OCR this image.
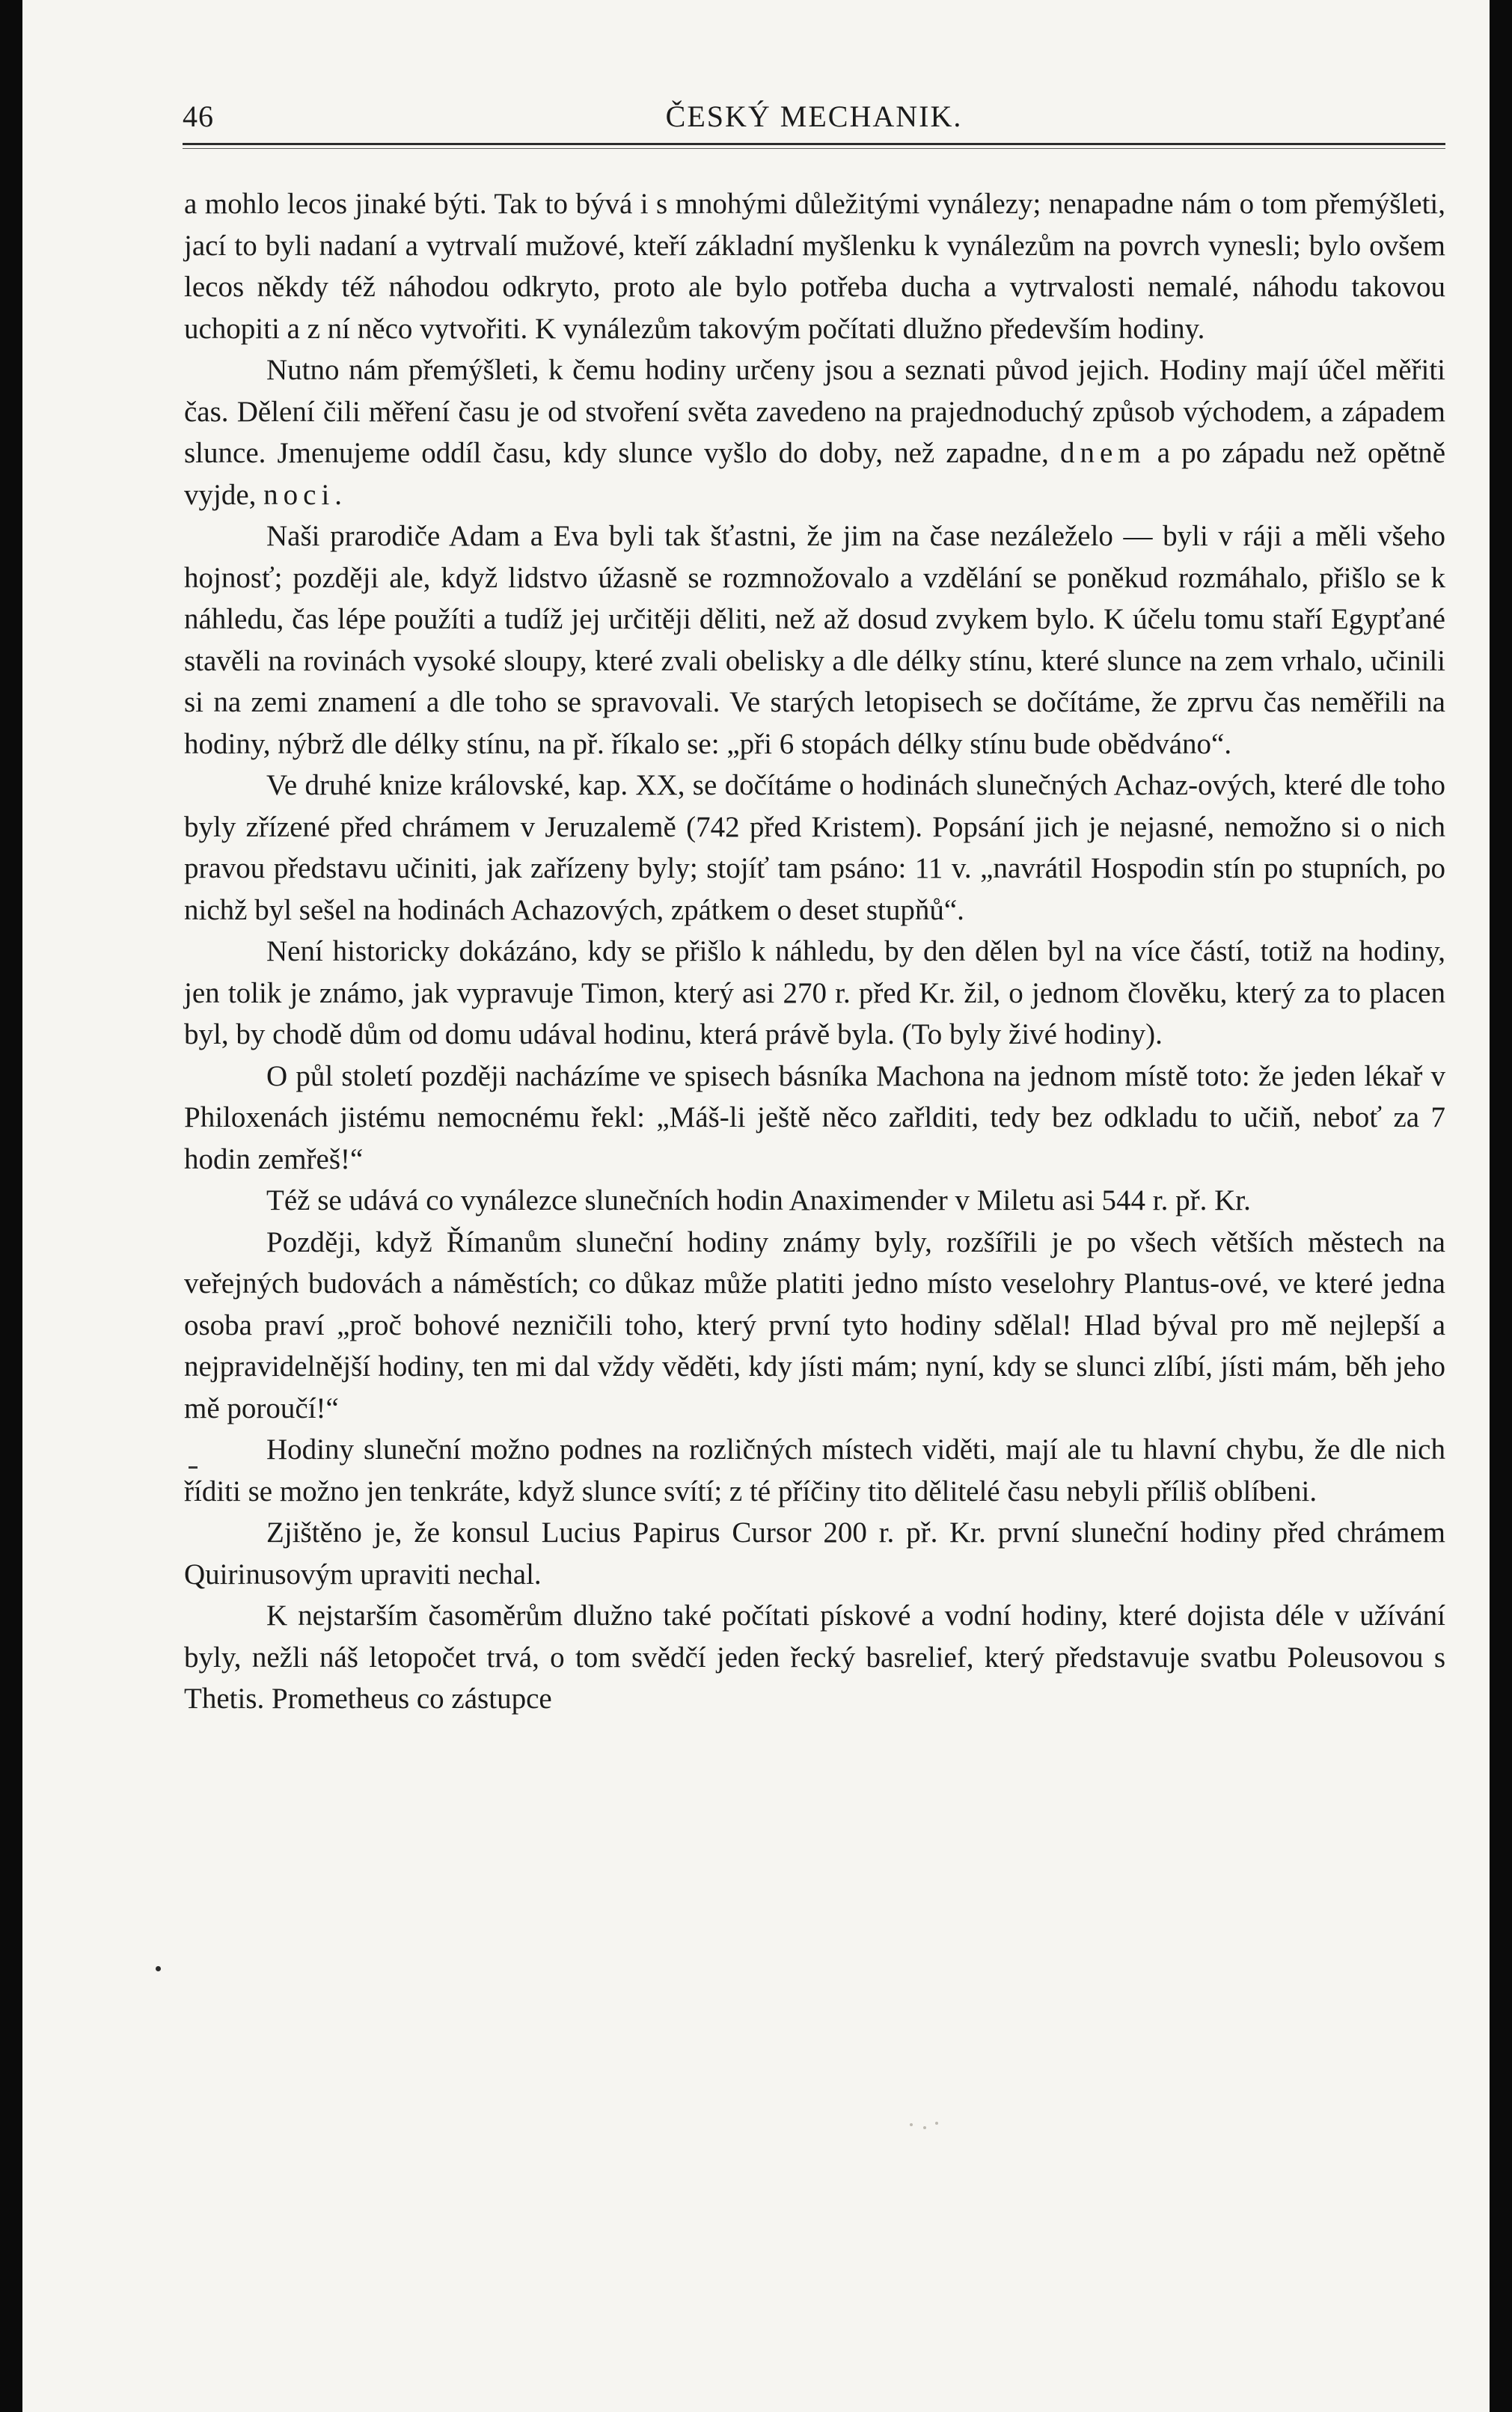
46	ČESKÝ MECHANIK.

a mohlo lecos jinaké býti. Tak to bývá i s mnohými důležitými vynálezy; nenapadne nám o tom přemýšleti, jací to byli nadaní a vytrvalí mužové, kteří základní myšlenku k vynálezům na povrch vynesli; bylo ovšem lecos někdy též náhodou odkryto, proto ale bylo potřeba ducha a vytrvalosti nemalé, náhodu takovou uchopiti a z ní něco vytvořiti. K vynálezům takovým počítati dlužno především hodiny.

Nutno nám přemýšleti, k čemu hodiny určeny jsou a seznati původ jejich. Hodiny mají účel měřiti čas. Dělení čili měření času je od stvoření světa zavedeno na prajednoduchý způsob východem, a západem slunce. Jmenujeme oddíl času, kdy slunce vyšlo do doby, než zapadne, dnem a po západu než opětně vyjde, noci.

Naši prarodiče Adam a Eva byli tak šťastni, že jim na čase nezáleželo — byli v ráji a měli všeho hojnosť; později ale, když lidstvo úžasně se rozmnožovalo a vzdělání se poněkud rozmáhalo, přišlo se k náhledu, čas lépe použíti a tudíž jej určitěji děliti, než až dosud zvykem bylo. K účelu tomu staří Egypťané stavěli na rovinách vysoké sloupy, které zvali obelisky a dle délky stínu, které slunce na zem vrhalo, učinili si na zemi znamení a dle toho se spravovali. Ve starých letopisech se dočítáme, že zprvu čas neměřili na hodiny, nýbrž dle délky stínu, na př. říkalo se: „při 6 stopách délky stínu bude obědváno“.

Ve druhé knize královské, kap. XX, se dočítáme o hodinách slunečných Achaz-ových, které dle toho byly zřízené před chrámem v Jeruzalemě (742 před Kristem). Popsání jich je nejasné, nemožno si o nich pravou představu učiniti, jak zařízeny byly; stojíť tam psáno: 11 v. „navrátil Hospodin stín po stupních, po nichž byl sešel na hodinách Achazových, zpátkem o deset stupňů“.

Není historicky dokázáno, kdy se přišlo k náhledu, by den dělen byl na více částí, totiž na hodiny, jen tolik je známo, jak vypravuje Timon, který asi 270 r. před Kr. žil, o jednom člověku, který za to placen byl, by chodě dům od domu udával hodinu, která právě byla. (To byly živé hodiny).

O půl století později nacházíme ve spisech básníka Machona na jednom místě toto: že jeden lékař v Philoxenách jistému nemocnému řekl: „Máš-li ještě něco zařlditi, tedy bez odkladu to učiň, neboť za 7 hodin zemřeš!“

Též se udává co vynálezce slunečních hodin Anaximender v Miletu asi 544 r. př. Kr.

Později, když Římanům sluneční hodiny známy byly, rozšířili je po všech větších městech na veřejných budovách a náměstích; co důkaz může platiti jedno místo veselohry Plantus-ové, ve které jedna osoba praví „proč bohové nezničili toho, který první tyto hodiny sdělal! Hlad býval pro mě nejlepší a nejpravidelnější hodiny, ten mi dal vždy věděti, kdy jísti mám; nyní, kdy se slunci zlíbí, jísti mám, běh jeho mě poroučí!“

Hodiny sluneční možno podnes na rozličných místech viděti, mají ale tu hlavní chybu, že dle nich říditi se možno jen tenkráte, když slunce svítí; z té příčiny tito dělitelé času nebyli příliš oblíbeni.

Zjištěno je, že konsul Lucius Papirus Cursor 200 r. př. Kr. první sluneční hodiny před chrámem Quirinusovým upraviti nechal.

K nejstarším časoměrům dlužno také počítati pískové a vodní hodiny, které dojista déle v užívání byly, nežli náš letopočet trvá, o tom svědčí jeden řecký basrelief, který představuje svatbu Poleusovou s Thetis. Prometheus co zástupce
